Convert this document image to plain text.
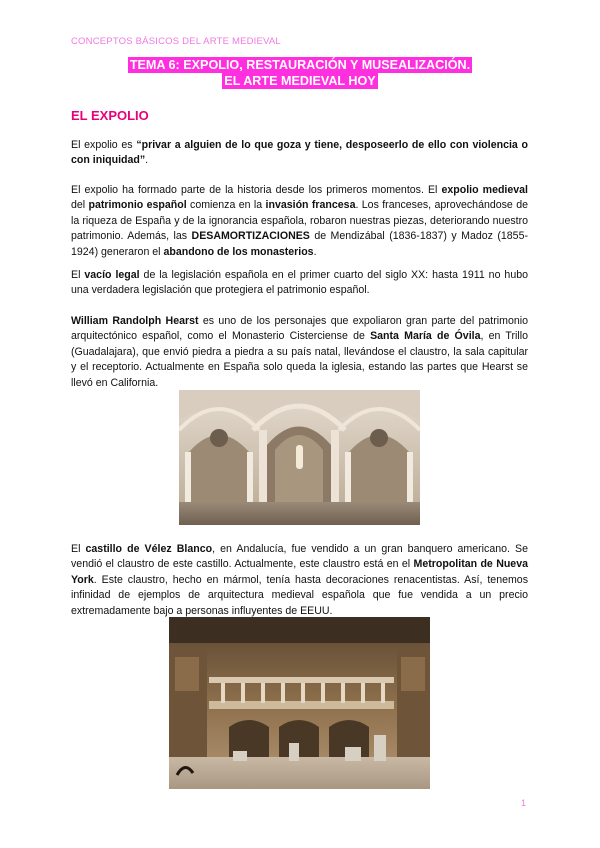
CONCEPTOS BÁSICOS DEL ARTE MEDIEVAL
TEMA 6: EXPOLIO, RESTAURACIÓN Y MUSEALIZACIÓN.
EL ARTE MEDIEVAL HOY
EL EXPOLIO

El expolio es “privar a alguien de lo que goza y tiene, desposeerlo de ello con violencia o con iniquidad”.

El expolio ha formado parte de la historia desde los primeros momentos. El expolio medieval del patrimonio español comienza en la invasión francesa. Los franceses, aprovechándose de la riqueza de España y de la ignorancia española, robaron nuestras piezas, deteriorando nuestro patrimonio. Además, las DESAMORTIZACIONES de Mendizábal (1836-1837) y Madoz (1855-1924) generaron el abandono de los monasterios.

El vacío legal de la legislación española en el primer cuarto del siglo XX: hasta 1911 no hubo una verdadera legislación que protegiera el patrimonio español.

William Randolph Hearst es uno de los personajes que expoliaron gran parte del patrimonio arquitectónico español, como el Monasterio Cisterciense de Santa María de Óvila, en Trillo (Guadalajara), que envió piedra a piedra a su país natal, llevándose el claustro, la sala capitular y el receptorio. Actualmente en España solo queda la iglesia, estando las partes que Hearst se llevó en California.

El castillo de Vélez Blanco, en Andalucía, fue vendido a un gran banquero americano. Se vendió el claustro de este castillo. Actualmente, este claustro está en el Metropolitan de Nueva York. Este claustro, hecho en mármol, tenía hasta decoraciones renacentistas. Así, tenemos infinidad de ejemplos de arquitectura medieval española que fue vendida a un precio extremadamente bajo a personas influyentes de EEUU.

1
